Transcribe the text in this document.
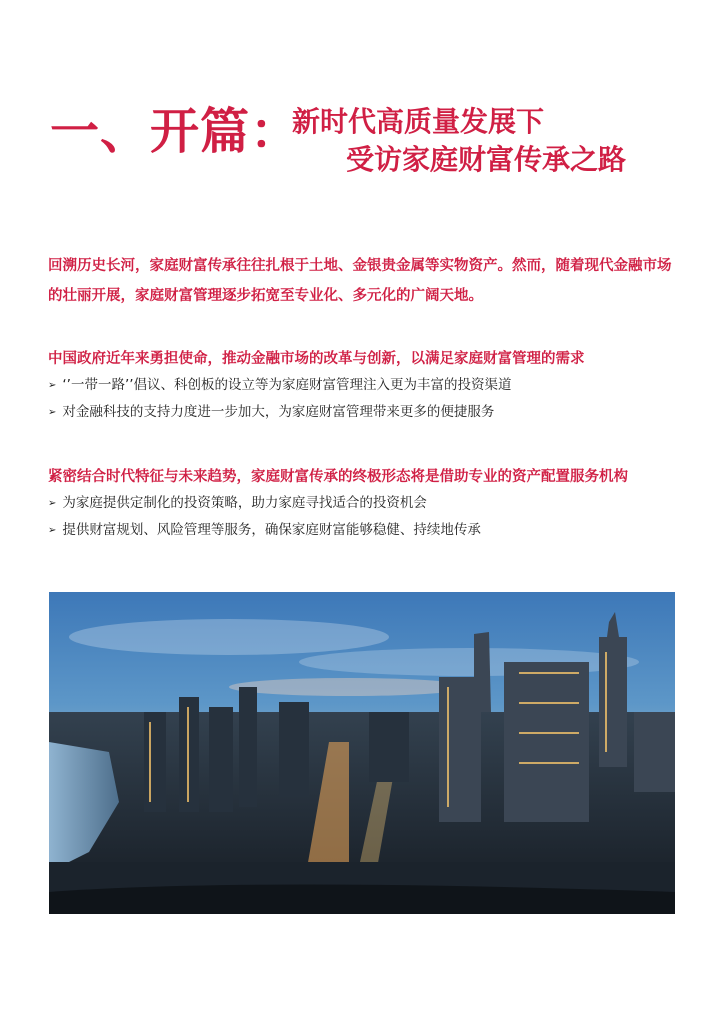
一、开篇：
新时代高质量发展下
受访家庭财富传承之路
回溯历史长河，家庭财富传承往往扎根于土地、金银贵金属等实物资产。然而，随着现代金融市场的壮丽开展，家庭财富管理逐步拓宽至专业化、多元化的广阔天地。
中国政府近年来勇担使命，推动金融市场的改革与创新，以满足家庭财富管理的需求
➢ ‘’一带一路’’倡议、科创板的设立等为家庭财富管理注入更为丰富的投资渠道
➢ 对金融科技的支持力度进一步加大，为家庭财富管理带来更多的便捷服务
紧密结合时代特征与未来趋势，家庭财富传承的终极形态将是借助专业的资产配置服务机构
➢ 为家庭提供定制化的投资策略，助力家庭寻找适合的投资机会
➢ 提供财富规划、风险管理等服务，确保家庭财富能够稳健、持续地传承
